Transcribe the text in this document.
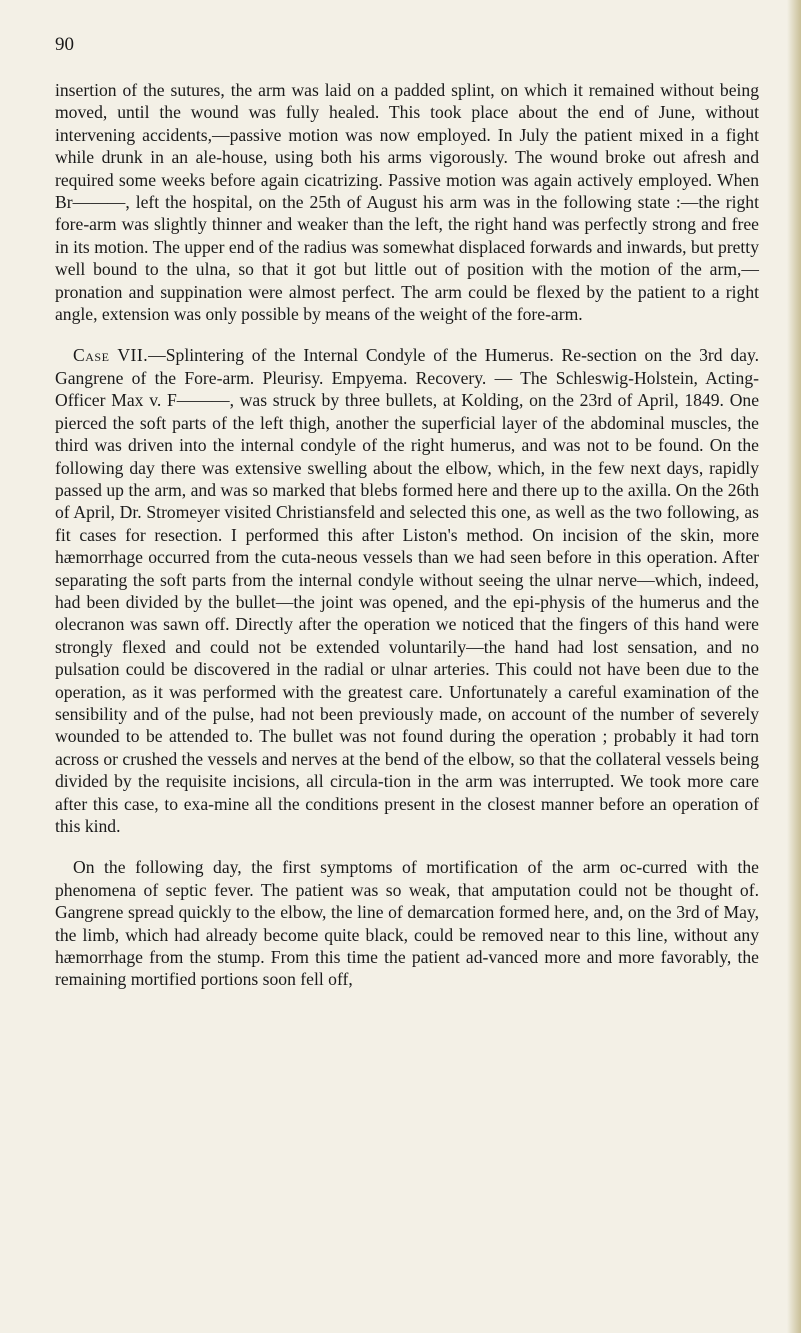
90

insertion of the sutures, the arm was laid on a padded splint, on which it remained without being moved, until the wound was fully healed. This took place about the end of June, without intervening accidents,—passive motion was now employed. In July the patient mixed in a fight while drunk in an ale-house, using both his arms vigorously. The wound broke out afresh and required some weeks before again cicatrizing. Passive motion was again actively employed. When Br———, left the hospital, on the 25th of August his arm was in the following state :—the right fore-arm was slightly thinner and weaker than the left, the right hand was perfectly strong and free in its motion. The upper end of the radius was somewhat displaced forwards and inwards, but pretty well bound to the ulna, so that it got but little out of position with the motion of the arm,—pronation and suppination were almost perfect. The arm could be flexed by the patient to a right angle, extension was only possible by means of the weight of the fore-arm.

Case VII.—Splintering of the Internal Condyle of the Humerus. Re-section on the 3rd day. Gangrene of the Fore-arm. Pleurisy. Empyema. Recovery. — The Schleswig-Holstein, Acting-Officer Max v. F———, was struck by three bullets, at Kolding, on the 23rd of April, 1849. One pierced the soft parts of the left thigh, another the superficial layer of the abdominal muscles, the third was driven into the internal condyle of the right humerus, and was not to be found. On the following day there was extensive swelling about the elbow, which, in the few next days, rapidly passed up the arm, and was so marked that blebs formed here and there up to the axilla. On the 26th of April, Dr. Stromeyer visited Christiansfeld and selected this one, as well as the two following, as fit cases for resection. I performed this after Liston's method. On incision of the skin, more hæmorrhage occurred from the cuta-neous vessels than we had seen before in this operation. After separating the soft parts from the internal condyle without seeing the ulnar nerve—which, indeed, had been divided by the bullet—the joint was opened, and the epi-physis of the humerus and the olecranon was sawn off. Directly after the operation we noticed that the fingers of this hand were strongly flexed and could not be extended voluntarily—the hand had lost sensation, and no pulsation could be discovered in the radial or ulnar arteries. This could not have been due to the operation, as it was performed with the greatest care. Unfortunately a careful examination of the sensibility and of the pulse, had not been previously made, on account of the number of severely wounded to be attended to. The bullet was not found during the operation ; probably it had torn across or crushed the vessels and nerves at the bend of the elbow, so that the collateral vessels being divided by the requisite incisions, all circula-tion in the arm was interrupted. We took more care after this case, to exa-mine all the conditions present in the closest manner before an operation of this kind.

On the following day, the first symptoms of mortification of the arm oc-curred with the phenomena of septic fever. The patient was so weak, that amputation could not be thought of. Gangrene spread quickly to the elbow, the line of demarcation formed here, and, on the 3rd of May, the limb, which had already become quite black, could be removed near to this line, without any hæmorrhage from the stump. From this time the patient ad-vanced more and more favorably, the remaining mortified portions soon fell off,
